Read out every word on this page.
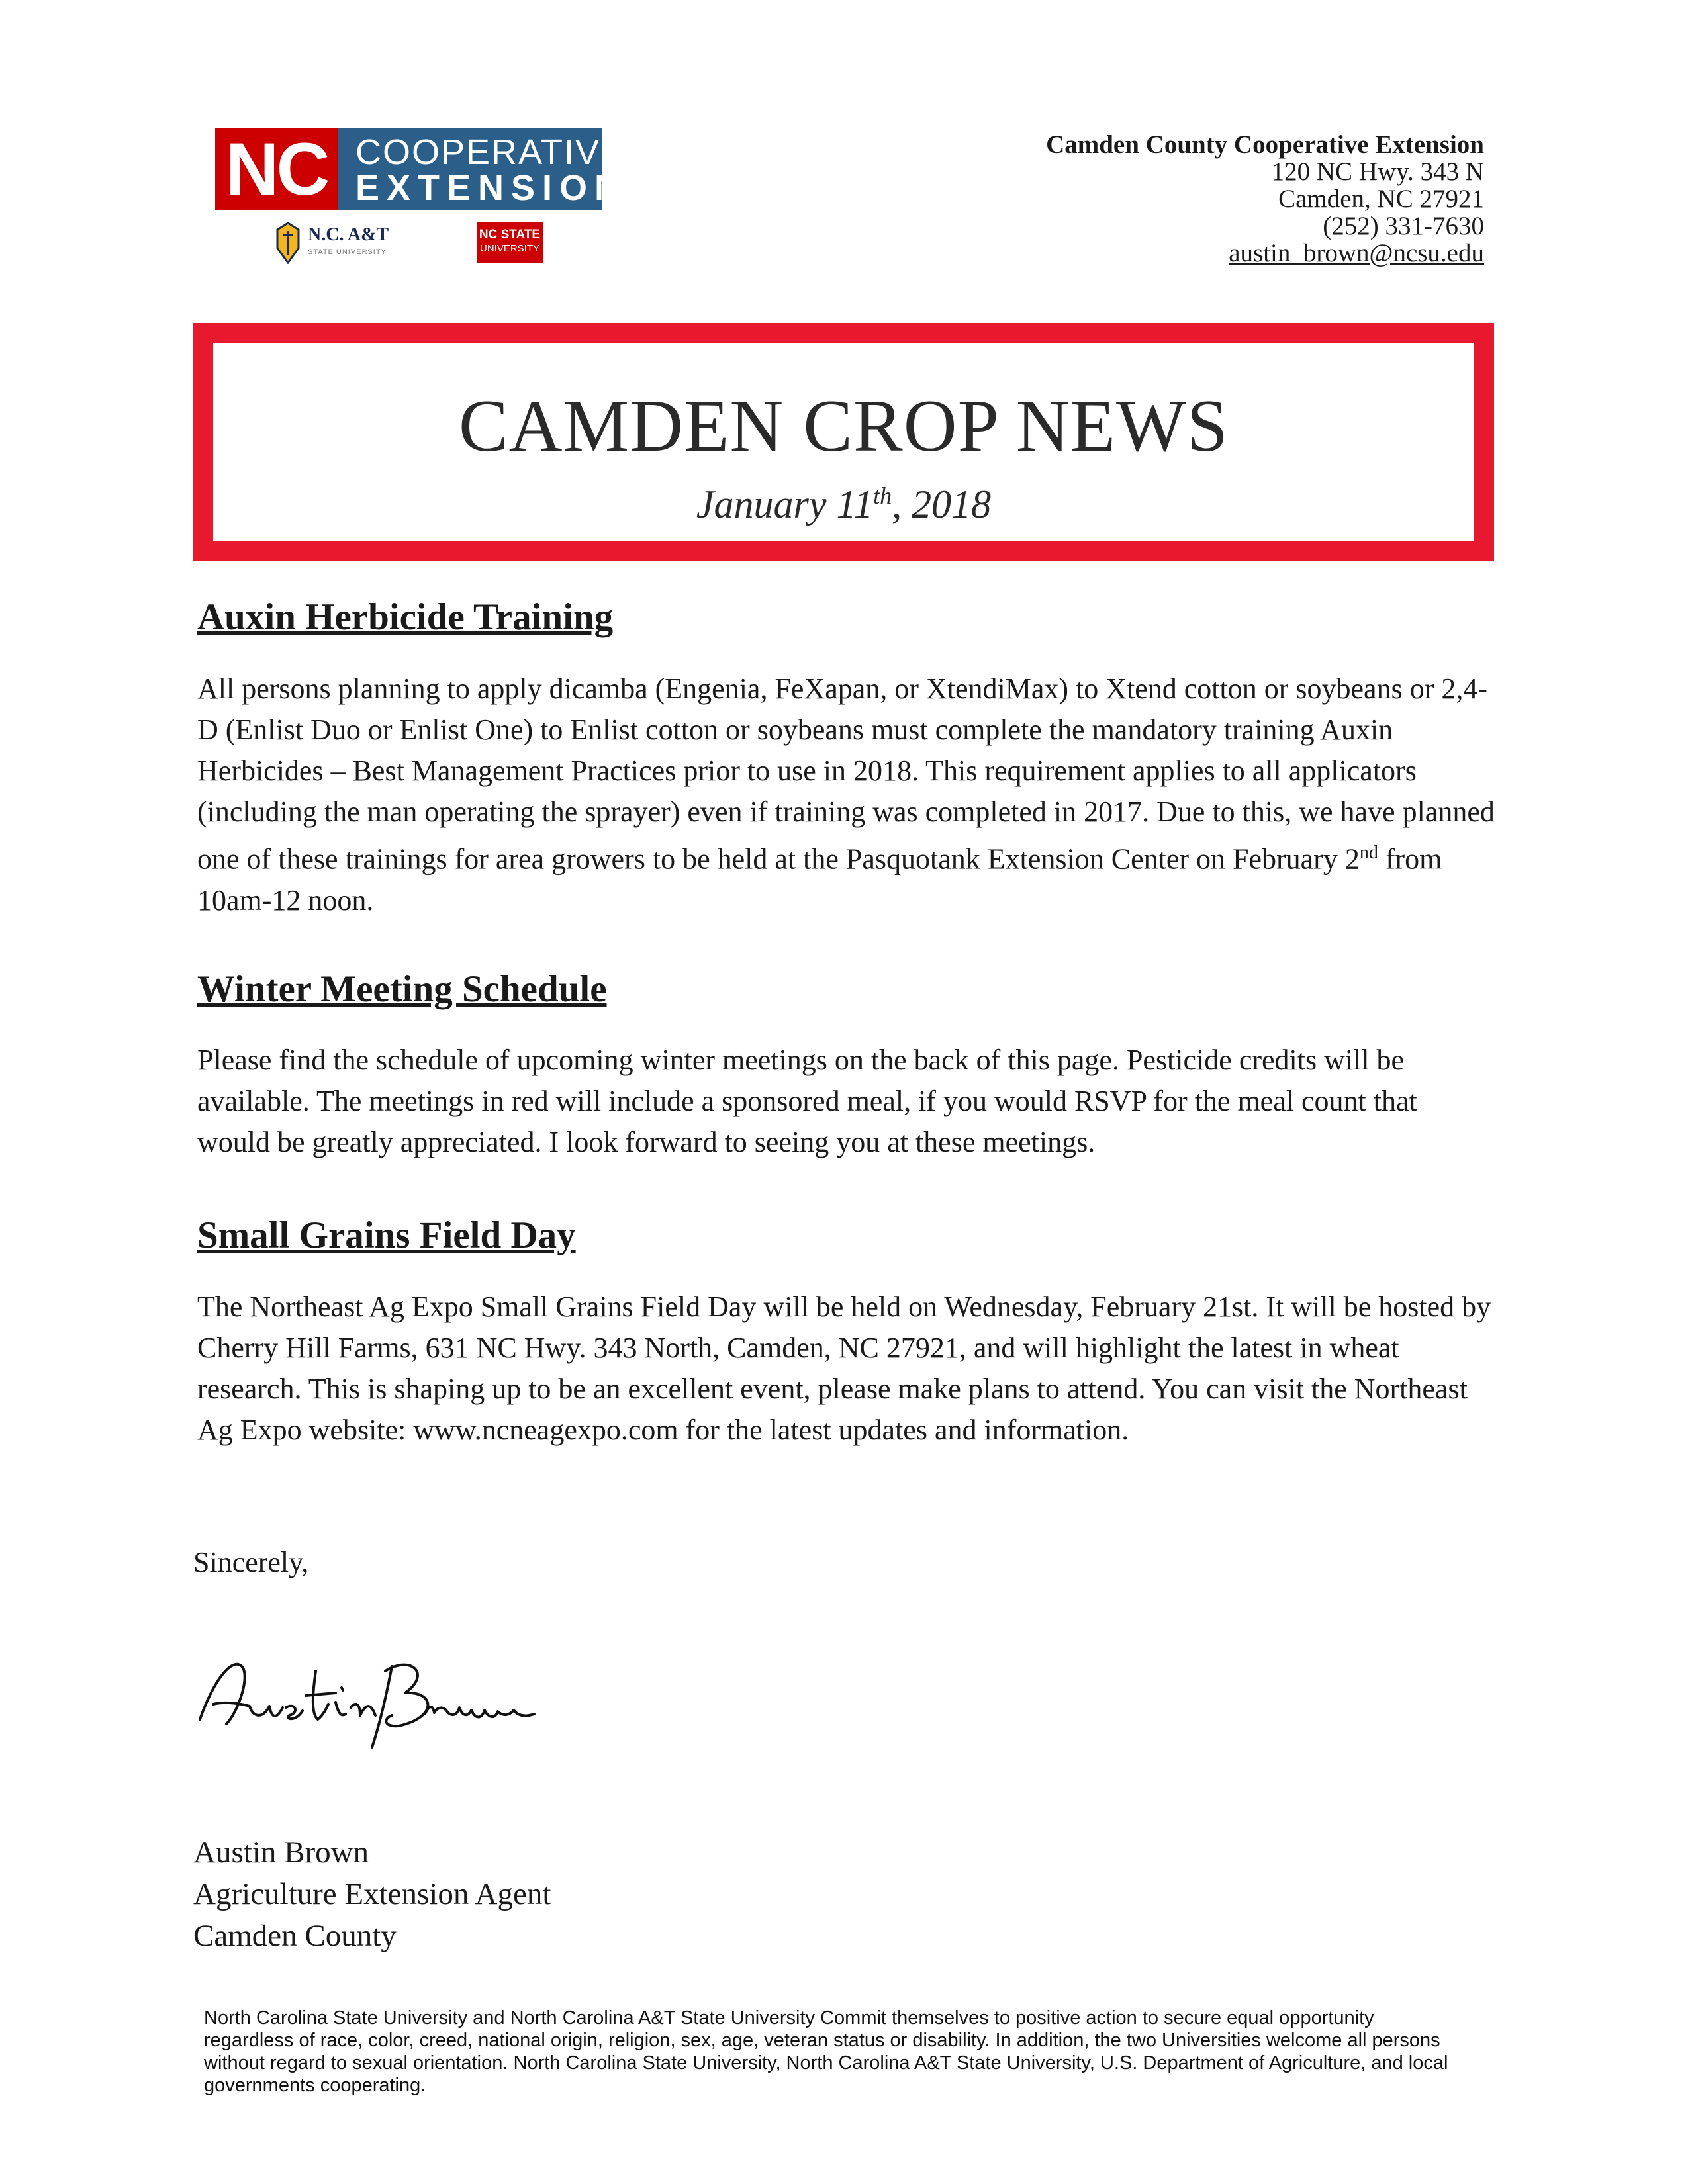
NC COOPERATIVE
EXTENSION
N.C. A&T
STATE UNIVERSITY
NC STATE
UNIVERSITY
Camden County Cooperative Extension
120 NC Hwy. 343 N
Camden, NC 27921
(252) 331-7630
austin_brown@ncsu.edu
CAMDEN CROP NEWS
January 11th, 2018
Auxin Herbicide Training

All persons planning to apply dicamba (Engenia, FeXapan, or XtendiMax) to Xtend cotton or soybeans or 2,4-D (Enlist Duo or Enlist One) to Enlist cotton or soybeans must complete the mandatory training Auxin Herbicides – Best Management Practices prior to use in 2018. This requirement applies to all applicators (including the man operating the sprayer) even if training was completed in 2017. Due to this, we have planned one of these trainings for area growers to be held at the Pasquotank Extension Center on February 2nd from 10am-12 noon.

Winter Meeting Schedule

Please find the schedule of upcoming winter meetings on the back of this page. Pesticide credits will be available. The meetings in red will include a sponsored meal, if you would RSVP for the meal count that would be greatly appreciated. I look forward to seeing you at these meetings.

Small Grains Field Day

The Northeast Ag Expo Small Grains Field Day will be held on Wednesday, February 21st. It will be hosted by Cherry Hill Farms, 631 NC Hwy. 343 North, Camden, NC 27921, and will highlight the latest in wheat research. This is shaping up to be an excellent event, please make plans to attend. You can visit the Northeast Ag Expo website: www.ncneagexpo.com for the latest updates and information.

Sincerely,
Austin Brown
Agriculture Extension Agent
Camden County
North Carolina State University and North Carolina A&T State University Commit themselves to positive action to secure equal opportunity regardless of race, color, creed, national origin, religion, sex, age, veteran status or disability. In addition, the two Universities welcome all persons without regard to sexual orientation. North Carolina State University, North Carolina A&T State University, U.S. Department of Agriculture, and local governments cooperating.
